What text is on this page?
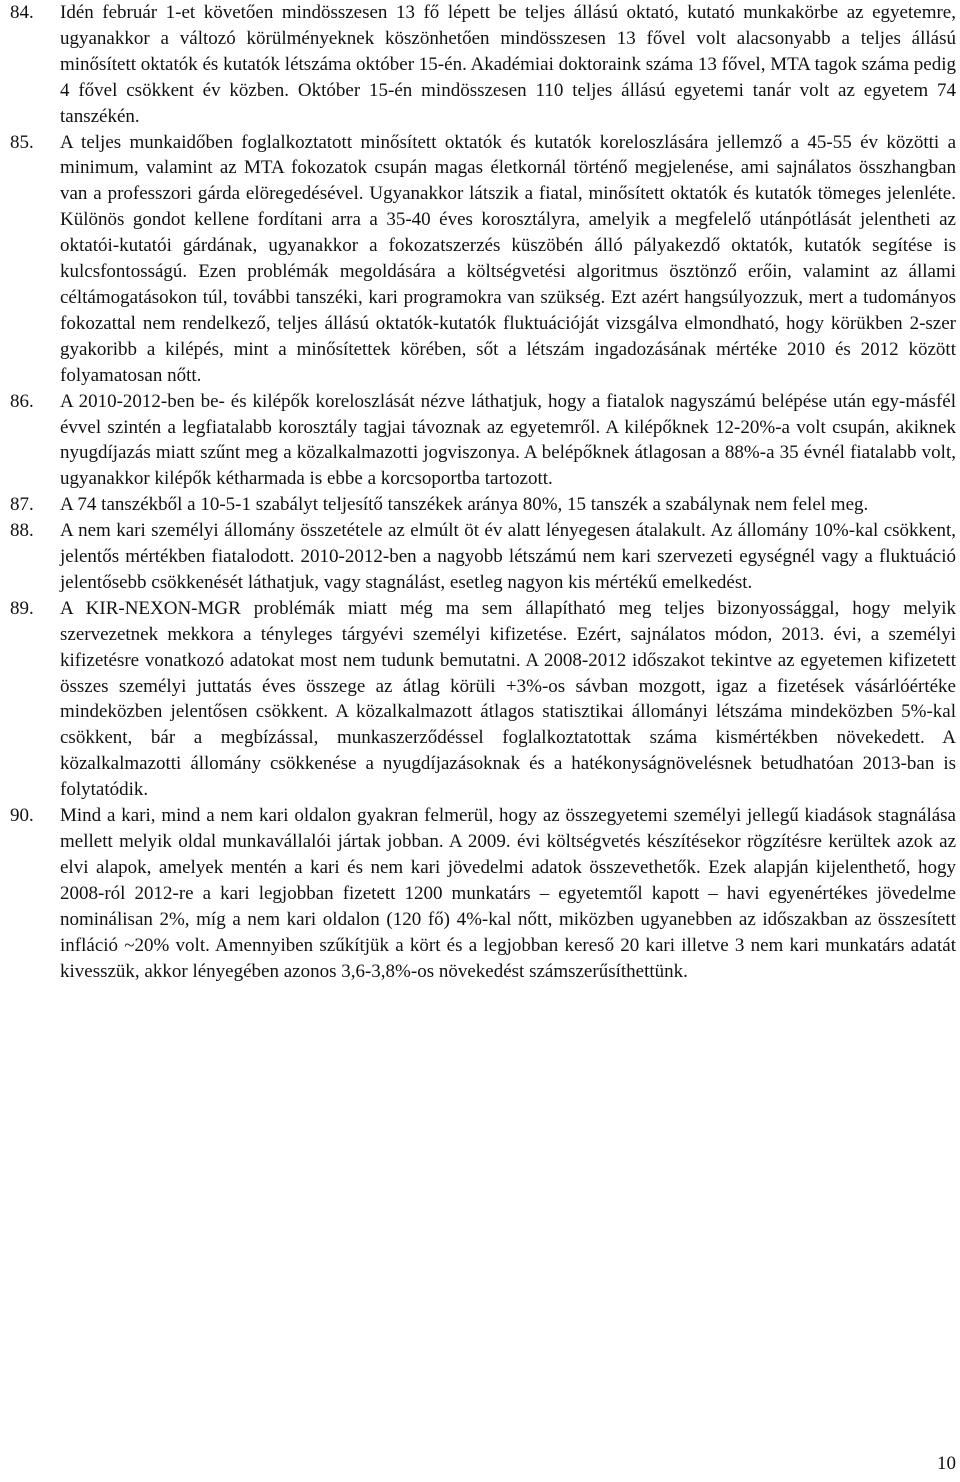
84.	Idén február 1-et követően mindösszesen 13 fő lépett be teljes állású oktató, kutató munkakörbe az egyetemre, ugyanakkor a változó körülményeknek köszönhetően mindösszesen 13 fővel volt alacsonyabb a teljes állású minősített oktatók és kutatók létszáma október 15-én. Akadémiai doktoraink száma 13 fővel, MTA tagok száma pedig 4 fővel csökkent év közben. Október 15-én mindösszesen 110 teljes állású egyetemi tanár volt az egyetem 74 tanszékén.
85.	A teljes munkaidőben foglalkoztatott minősített oktatók és kutatók koreloszlására jellemző a 45-55 év közötti a minimum, valamint az MTA fokozatok csupán magas életkornál történő megjelenése, ami sajnálatos összhangban van a professzori gárda elöregedésével. Ugyanakkor látszik a fiatal, minősített oktatók és kutatók tömeges jelenléte. Különös gondot kellene fordítani arra a 35-40 éves korosztályra, amelyik a megfelelő utánpótlását jelentheti az oktatói-kutatói gárdának, ugyanakkor a fokozatszerzés küszöbén álló pályakezdő oktatók, kutatók segítése is kulcsfontosságú. Ezen problémák megoldására a költségvetési algoritmus ösztönző erőin, valamint az állami céltámogatásokon túl, további tanszéki, kari programokra van szükség. Ezt azért hangsúlyozzuk, mert a tudományos fokozattal nem rendelkező, teljes állású oktatók-kutatók fluktuációját vizsgálva elmondható, hogy körükben 2-szer gyakoribb a kilépés, mint a minősítettek körében, sőt a létszám ingadozásának mértéke 2010 és 2012 között folyamatosan nőtt.
86.	A 2010-2012-ben be- és kilépők koreloszlását nézve láthatjuk, hogy a fiatalok nagyszámú belépése után egy-másfél évvel szintén a legfiatalabb korosztály tagjai távoznak az egyetemről. A kilépőknek 12-20%-a volt csupán, akiknek nyugdíjazás miatt szűnt meg a közalkalmazotti jogviszonya. A belépőknek átlagosan a 88%-a 35 évnél fiatalabb volt, ugyanakkor kilépők kétharmada is ebbe a korcsoportba tartozott.
87.	A 74 tanszékből a 10-5-1 szabályt teljesítő tanszékek aránya 80%, 15 tanszék a szabálynak nem felel meg.
88.	A nem kari személyi állomány összetétele az elmúlt öt év alatt lényegesen átalakult. Az állomány 10%-kal csökkent, jelentős mértékben fiatalodott. 2010-2012-ben a nagyobb létszámú nem kari szervezeti egységnél vagy a fluktuáció jelentősebb csökkenését láthatjuk, vagy stagnálást, esetleg nagyon kis mértékű emelkedést.
89.	A KIR-NEXON-MGR problémák miatt még ma sem állapítható meg teljes bizonyossággal, hogy melyik szervezetnek mekkora a tényleges tárgyévi személyi kifizetése. Ezért, sajnálatos módon, 2013. évi, a személyi kifizetésre vonatkozó adatokat most nem tudunk bemutatni. A 2008-2012 időszakot tekintve az egyetemen kifizetett összes személyi juttatás éves összege az átlag körüli +3%-os sávban mozgott, igaz a fizetések vásárlóértéke mindeközben jelentősen csökkent. A közalkalmazott átlagos statisztikai állományi létszáma mindeközben 5%-kal csökkent, bár a megbízással, munkaszerződéssel foglalkoztatottak száma kismértékben növekedett. A közalkalmazotti állomány csökkenése a nyugdíjazásoknak és a hatékonyságnövelésnek betudhatóan 2013-ban is folytatódik.
90.	Mind a kari, mind a nem kari oldalon gyakran felmerül, hogy az összegyetemi személyi jellegű kiadások stagnálása mellett melyik oldal munkavállalói jártak jobban. A 2009. évi költségvetés készítésekor rögzítésre kerültek azok az elvi alapok, amelyek mentén a kari és nem kari jövedelmi adatok összevethetők. Ezek alapján kijelenthető, hogy 2008-ról 2012-re a kari legjobban fizetett 1200 munkatárs – egyetemtől kapott – havi egyenértékes jövedelme nominálisan 2%, míg a nem kari oldalon (120 fő) 4%-kal nőtt, miközben ugyanebben az időszakban az összesített infláció ~20% volt. Amennyiben szűkítjük a kört és a legjobban kereső 20 kari illetve 3 nem kari munkatárs adatát kivesszük, akkor lényegében azonos 3,6-3,8%-os növekedést számszerűsíthettünk.
10
